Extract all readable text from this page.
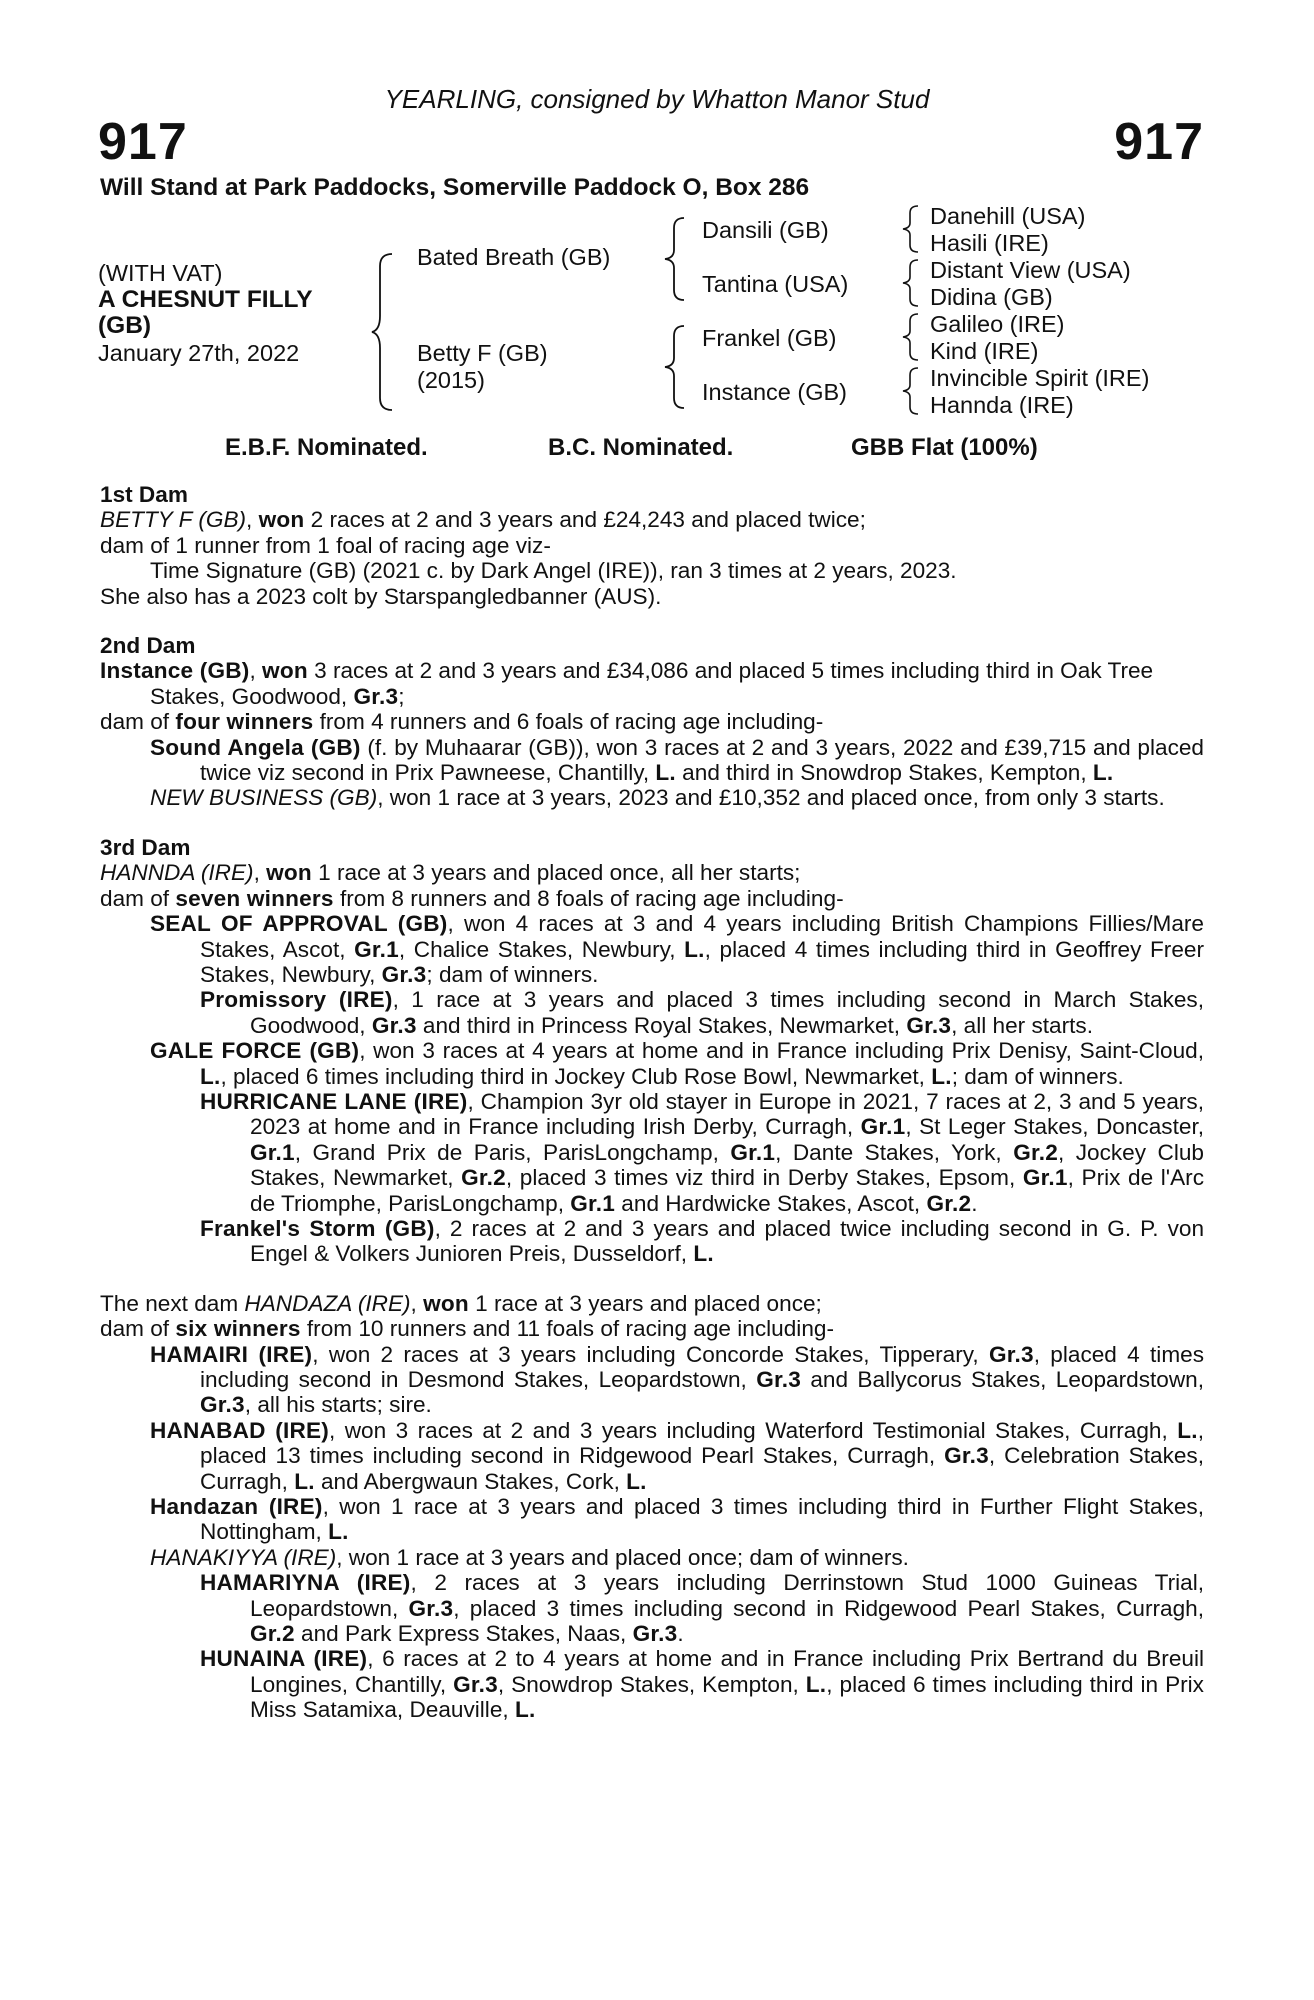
YEARLING, consigned by Whatton Manor Stud
917	917
Will Stand at Park Paddocks, Somerville Paddock O, Box 286
(WITH VAT)
A CHESNUT FILLY
(GB)
January 27th, 2022
Bated Breath (GB)
Betty F (GB)
(2015)
Dansili (GB)
Tantina (USA)
Frankel (GB)
Instance (GB)
Danehill (USA)
Hasili (IRE)
Distant View (USA)
Didina (GB)
Galileo (IRE)
Kind (IRE)
Invincible Spirit (IRE)
Hannda (IRE)
E.B.F. Nominated.	B.C. Nominated.	GBB Flat (100%)

1st Dam

BETTY F (GB), won 2 races at 2 and 3 years and £24,243 and placed twice;

dam of 1 runner from 1 foal of racing age viz-

Time Signature (GB) (2021 c. by Dark Angel (IRE)), ran 3 times at 2 years, 2023.

She also has a 2023 colt by Starspangledbanner (AUS).

2nd Dam

Instance (GB), won 3 races at 2 and 3 years and £34,086 and placed 5 times including third in Oak Tree Stakes, Goodwood, Gr.3;

dam of four winners from 4 runners and 6 foals of racing age including-

Sound Angela (GB) (f. by Muhaarar (GB)), won 3 races at 2 and 3 years, 2022 and £39,715 and placed twice viz second in Prix Pawneese, Chantilly, L. and third in Snowdrop Stakes, Kempton, L.

NEW BUSINESS (GB), won 1 race at 3 years, 2023 and £10,352 and placed once, from only 3 starts.

3rd Dam

HANNDA (IRE), won 1 race at 3 years and placed once, all her starts;

dam of seven winners from 8 runners and 8 foals of racing age including-

SEAL OF APPROVAL (GB), won 4 races at 3 and 4 years including British Champions Fillies/Mare Stakes, Ascot, Gr.1, Chalice Stakes, Newbury, L., placed 4 times including third in Geoffrey Freer Stakes, Newbury, Gr.3; dam of winners.

Promissory (IRE), 1 race at 3 years and placed 3 times including second in March Stakes, Goodwood, Gr.3 and third in Princess Royal Stakes, Newmarket, Gr.3, all her starts.

GALE FORCE (GB), won 3 races at 4 years at home and in France including Prix Denisy, Saint-Cloud, L., placed 6 times including third in Jockey Club Rose Bowl, Newmarket, L.; dam of winners.

HURRICANE LANE (IRE), Champion 3yr old stayer in Europe in 2021, 7 races at 2, 3 and 5 years, 2023 at home and in France including Irish Derby, Curragh, Gr.1, St Leger Stakes, Doncaster, Gr.1, Grand Prix de Paris, ParisLongchamp, Gr.1, Dante Stakes, York, Gr.2, Jockey Club Stakes, Newmarket, Gr.2, placed 3 times viz third in Derby Stakes, Epsom, Gr.1, Prix de l'Arc de Triomphe, ParisLongchamp, Gr.1 and Hardwicke Stakes, Ascot, Gr.2.

Frankel's Storm (GB), 2 races at 2 and 3 years and placed twice including second in G. P. von Engel & Volkers Junioren Preis, Dusseldorf, L.

The next dam HANDAZA (IRE), won 1 race at 3 years and placed once;

dam of six winners from 10 runners and 11 foals of racing age including-

HAMAIRI (IRE), won 2 races at 3 years including Concorde Stakes, Tipperary, Gr.3, placed 4 times including second in Desmond Stakes, Leopardstown, Gr.3 and Ballycorus Stakes, Leopardstown, Gr.3, all his starts; sire.

HANABAD (IRE), won 3 races at 2 and 3 years including Waterford Testimonial Stakes, Curragh, L., placed 13 times including second in Ridgewood Pearl Stakes, Curragh, Gr.3, Celebration Stakes, Curragh, L. and Abergwaun Stakes, Cork, L.

Handazan (IRE), won 1 race at 3 years and placed 3 times including third in Further Flight Stakes, Nottingham, L.

HANAKIYYA (IRE), won 1 race at 3 years and placed once; dam of winners.

HAMARIYNA (IRE), 2 races at 3 years including Derrinstown Stud 1000 Guineas Trial, Leopardstown, Gr.3, placed 3 times including second in Ridgewood Pearl Stakes, Curragh, Gr.2 and Park Express Stakes, Naas, Gr.3.

HUNAINA (IRE), 6 races at 2 to 4 years at home and in France including Prix Bertrand du Breuil Longines, Chantilly, Gr.3, Snowdrop Stakes, Kempton, L., placed 6 times including third in Prix Miss Satamixa, Deauville, L.
